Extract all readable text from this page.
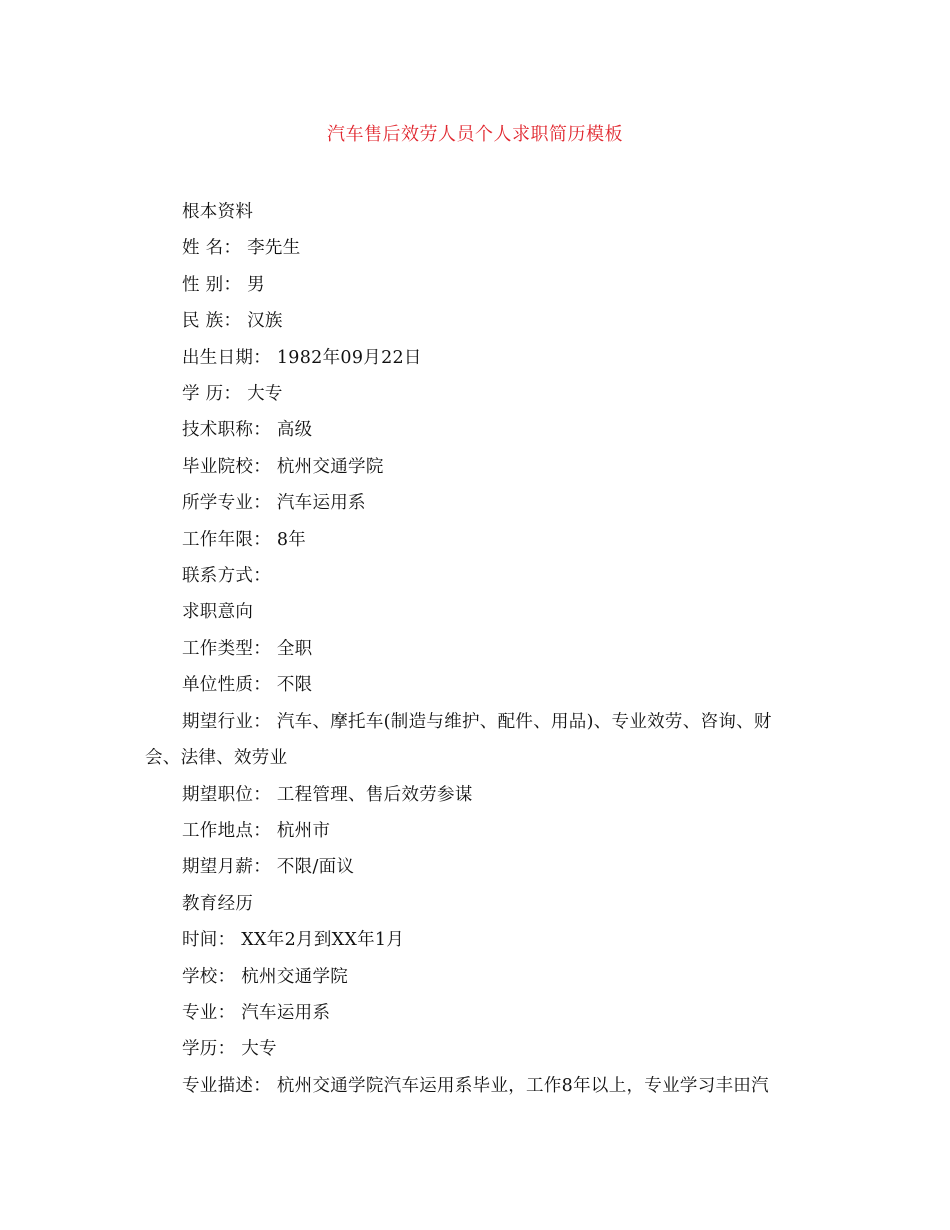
汽车售后效劳人员个人求职简历模板

根本资料

姓 名： 李先生

性 别： 男

民 族： 汉族

出生日期： 1982年09月22日

学 历： 大专

技术职称： 高级

毕业院校： 杭州交通学院

所学专业： 汽车运用系

工作年限： 8年

联系方式：

求职意向

工作类型： 全职

单位性质： 不限

期望行业： 汽车、摩托车(制造与维护、配件、用品)、专业效劳、咨询、财会、法律、效劳业

期望职位： 工程管理、售后效劳参谋

工作地点： 杭州市

期望月薪： 不限/面议

教育经历

时间： XX年2月到XX年1月

学校： 杭州交通学院

专业： 汽车运用系

学历： 大专

专业描述： 杭州交通学院汽车运用系毕业，工作8年以上，专业学习丰田汽
